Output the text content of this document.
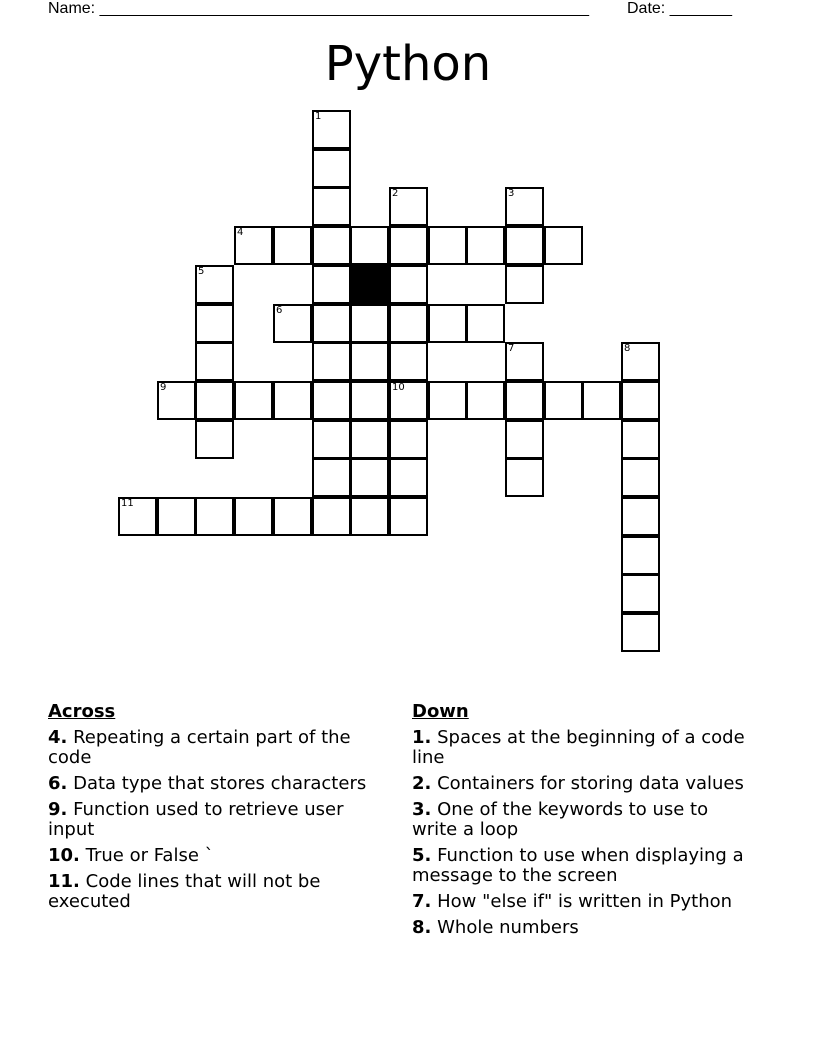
Name: _______________________________________________________ Date: _______
Python
1
2
10
3
4
5
6
7	8
9
11
Across
4. Repeating a certain part of the code
6. Data type that stores characters
9. Function used to retrieve user input
10. True or False `
11. Code lines that will not be executed
Down
1. Spaces at the beginning of a code line
2. Containers for storing data values
3. One of the keywords to use to write a loop
5. Function to use when displaying a message to the screen
7. How "else if" is written in Python
8. Whole numbers
